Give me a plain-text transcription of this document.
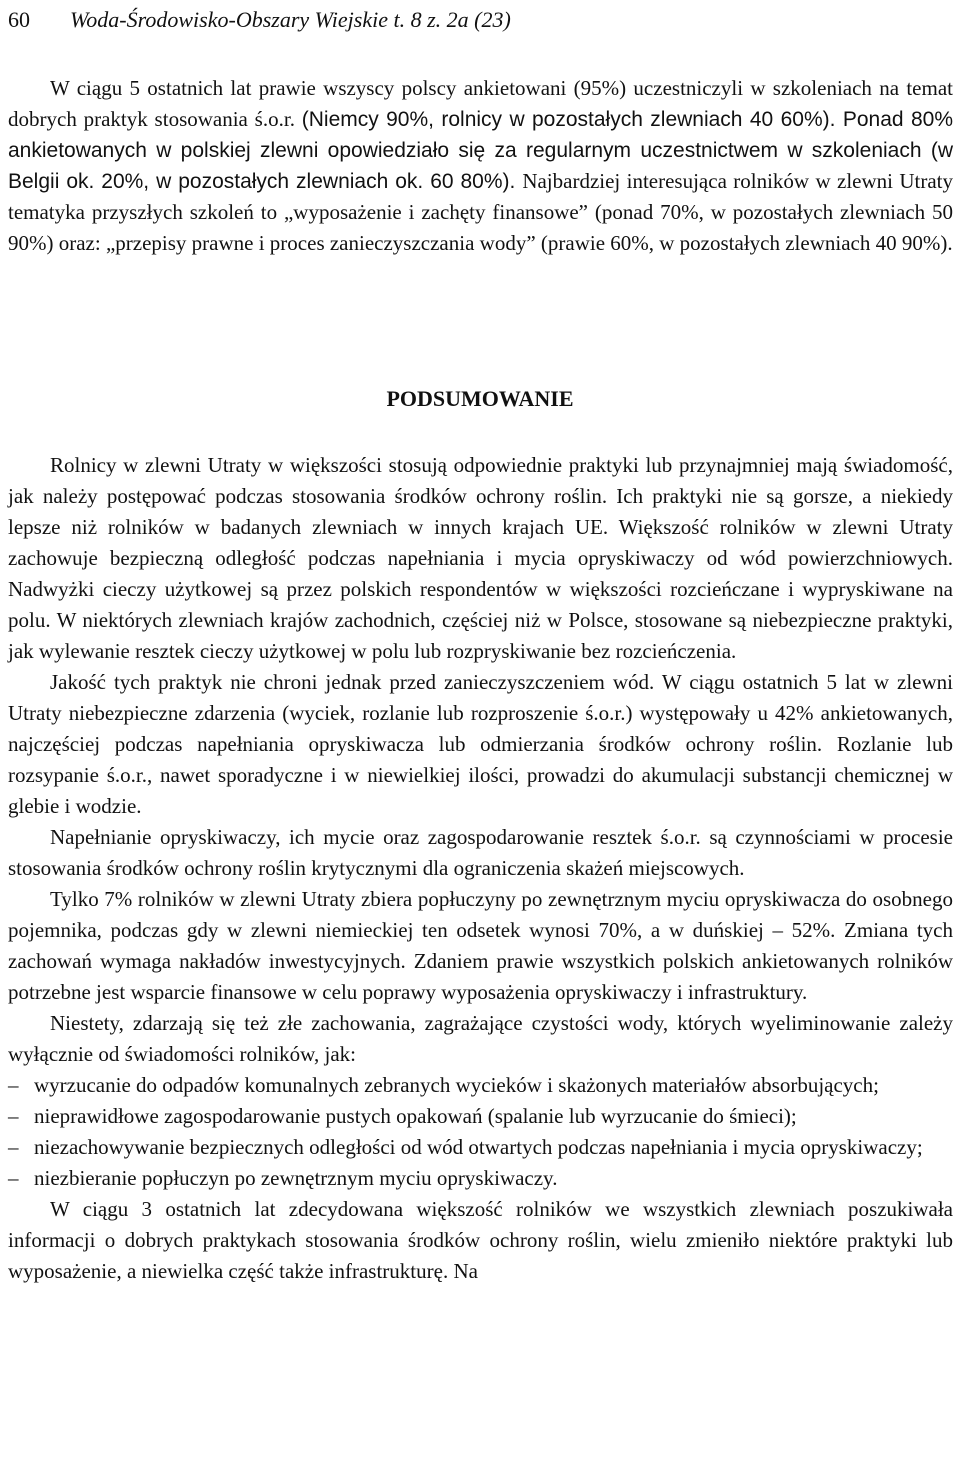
60 Woda-Środowisko-Obszary Wiejskie t. 8 z. 2a (23)

W ciągu 5 ostatnich lat prawie wszyscy polscy ankietowani (95%) uczestniczyli w szkoleniach na temat dobrych praktyk stosowania ś.o.r. (Niemcy 90%, rolnicy w pozostałych zlewniach 40 60%). Ponad 80% ankietowanych w polskiej zlewni opowiedziało się za regularnym uczestnictwem w szkoleniach (w Belgii ok. 20%, w pozostałych zlewniach ok. 60 80%). Najbardziej interesująca rolników w zlewni Utraty tematyka przyszłych szkoleń to „wyposażenie i zachęty finansowe” (ponad 70%, w pozostałych zlewniach 50 90%) oraz: „przepisy prawne i proces zanieczyszczania wody” (prawie 60%, w pozostałych zlewniach 40 90%).

PODSUMOWANIE

Rolnicy w zlewni Utraty w większości stosują odpowiednie praktyki lub przynajmniej mają świadomość, jak należy postępować podczas stosowania środków ochrony roślin. Ich praktyki nie są gorsze, a niekiedy lepsze niż rolników w badanych zlewniach w innych krajach UE. Większość rolników w zlewni Utraty zachowuje bezpieczną odległość podczas napełniania i mycia opryskiwaczy od wód powierzchniowych. Nadwyżki cieczy użytkowej są przez polskich respondentów w większości rozcieńczane i wypryskiwane na polu. W niektórych zlewniach krajów zachodnich, częściej niż w Polsce, stosowane są niebezpieczne praktyki, jak wylewanie resztek cieczy użytkowej w polu lub rozpryskiwanie bez rozcieńczenia.

Jakość tych praktyk nie chroni jednak przed zanieczyszczeniem wód. W ciągu ostatnich 5 lat w zlewni Utraty niebezpieczne zdarzenia (wyciek, rozlanie lub rozproszenie ś.o.r.) występowały u 42% ankietowanych, najczęściej podczas napełniania opryskiwacza lub odmierzania środków ochrony roślin. Rozlanie lub rozsypanie ś.o.r., nawet sporadyczne i w niewielkiej ilości, prowadzi do akumulacji substancji chemicznej w glebie i wodzie.

Napełnianie opryskiwaczy, ich mycie oraz zagospodarowanie resztek ś.o.r. są czynnościami w procesie stosowania środków ochrony roślin krytycznymi dla ograniczenia skażeń miejscowych.

Tylko 7% rolników w zlewni Utraty zbiera popłuczyny po zewnętrznym myciu opryskiwacza do osobnego pojemnika, podczas gdy w zlewni niemieckiej ten odsetek wynosi 70%, a w duńskiej – 52%. Zmiana tych zachowań wymaga nakładów inwestycyjnych. Zdaniem prawie wszystkich polskich ankietowanych rolników potrzebne jest wsparcie finansowe w celu poprawy wyposażenia opryskiwaczy i infrastruktury.

Niestety, zdarzają się też złe zachowania, zagrażające czystości wody, których wyeliminowanie zależy wyłącznie od świadomości rolników, jak:

– wyrzucanie do odpadów komunalnych zebranych wycieków i skażonych materiałów absorbujących;
– nieprawidłowe zagospodarowanie pustych opakowań (spalanie lub wyrzucanie do śmieci);
– niezachowywanie bezpiecznych odległości od wód otwartych podczas napełniania i mycia opryskiwaczy;
– niezbieranie popłuczyn po zewnętrznym myciu opryskiwaczy.

W ciągu 3 ostatnich lat zdecydowana większość rolników we wszystkich zlewniach poszukiwała informacji o dobrych praktykach stosowania środków ochrony roślin, wielu zmieniło niektóre praktyki lub wyposażenie, a niewielka część także infrastrukturę. Na
